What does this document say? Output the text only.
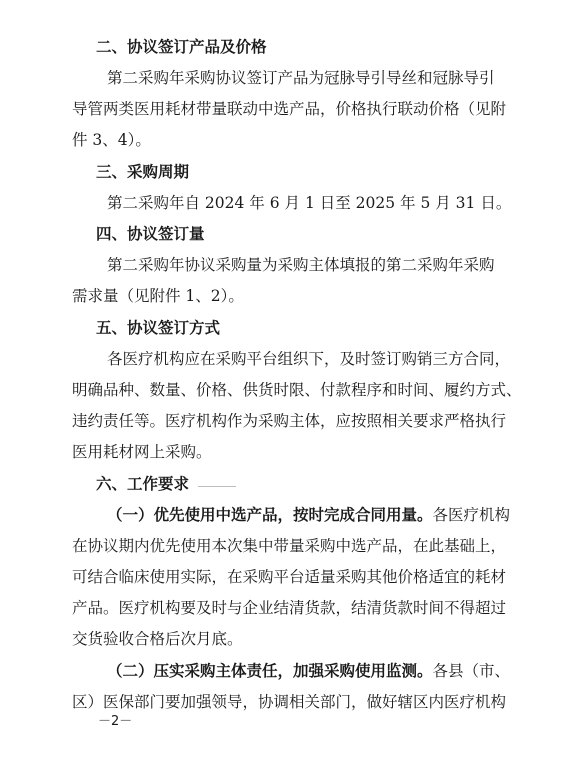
二、协议签订产品及价格
第二采购年采购协议签订产品为冠脉导引导丝和冠脉导引
导管两类医用耗材带量联动中选产品，价格执行联动价格（见附
件 3、4）。
三、采购周期
第二采购年自 2024 年 6 月 1 日至 2025 年 5 月 31 日。
四、协议签订量
第二采购年协议采购量为采购主体填报的第二采购年采购
需求量（见附件 1、2）。
五、协议签订方式
各医疗机构应在采购平台组织下，及时签订购销三方合同，
明确品种、数量、价格、供货时限、付款程序和时间、履约方式、
违约责任等。医疗机构作为采购主体，应按照相关要求严格执行
医用耗材网上采购。
六、工作要求
（一）优先使用中选产品，按时完成合同用量。各医疗机构
在协议期内优先使用本次集中带量采购中选产品，在此基础上，
可结合临床使用实际，在采购平台适量采购其他价格适宜的耗材
产品。医疗机构要及时与企业结清货款，结清货款时间不得超过
交货验收合格后次月底。
（二）压实采购主体责任，加强采购使用监测。各县（市、
区）医保部门要加强领导，协调相关部门，做好辖区内医疗机构
－2－
